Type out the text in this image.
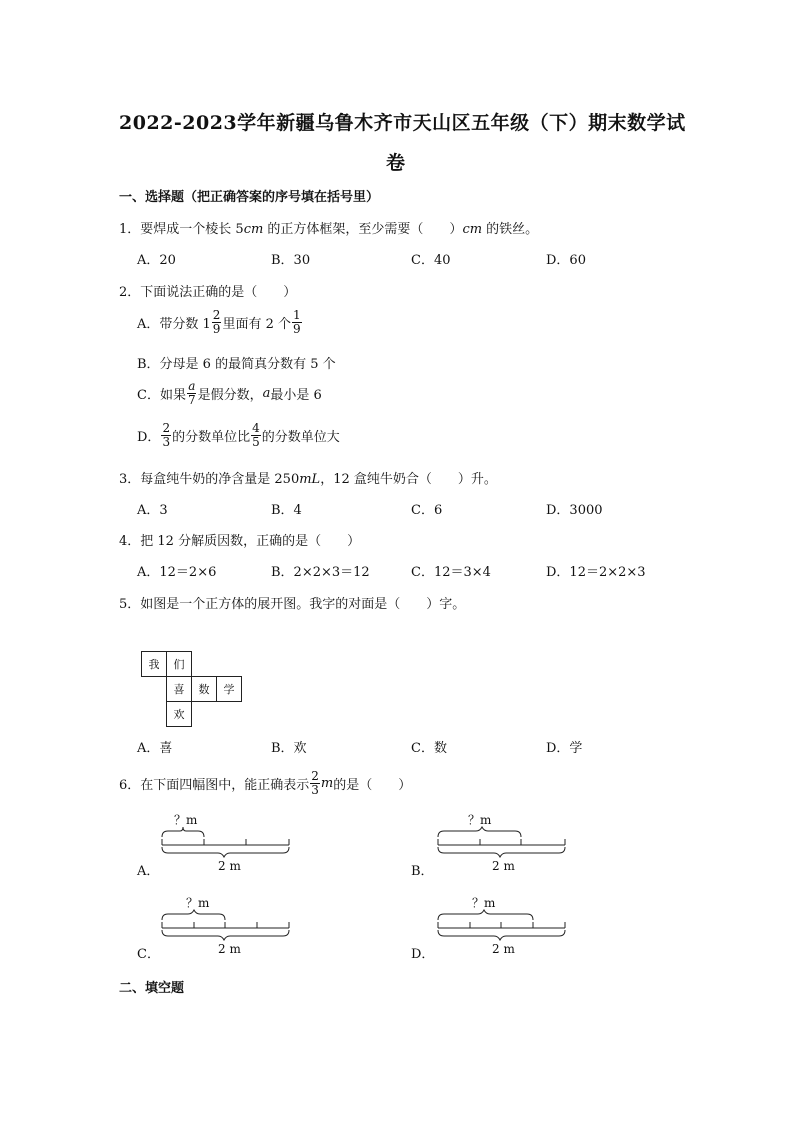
2022-2023学年新疆乌鲁木齐市天山区五年级（下）期末数学试
卷
一、选择题（把正确答案的序号填在括号里）
1．要焊成一个棱长 5cm 的正方体框架，至少需要（　　）cm 的铁丝。
A．20	B．30	C．40	D．60
2．下面说法正确的是（　　）
A．带分数 $1 \frac{2}{9}$ 里面有 2 个 $\frac{1}{9}$
B．分母是 6 的最简真分数有 5 个
C．如果 $\frac{a}{7}$ 是假分数， a 最小是 6
D． $\frac{2}{3}$ 的分数单位比 $\frac{4}{5}$ 的分数单位大
3．每盒纯牛奶的净含量是 250mL，12 盒纯牛奶合（　　）升。
A．3	B．4	C．6	D．3000
4．把 12 分解质因数，正确的是（　　）
A．12＝2×6	B．2×2×3＝12	C．12＝3×4	D．12＝2×2×3
5．如图是一个正方体的展开图。我字的对面是（　　）字。
我	们
喜	数	学
欢
A．喜	B．欢	C．数	D．学
6．在下面四幅图中，能正确表示 $\frac{2}{3}$ m 的是（　　）
A．	B．
C．	D．
？m
2 m
？m
2 m
？m
2 m
？m
2 m
二、填空题
